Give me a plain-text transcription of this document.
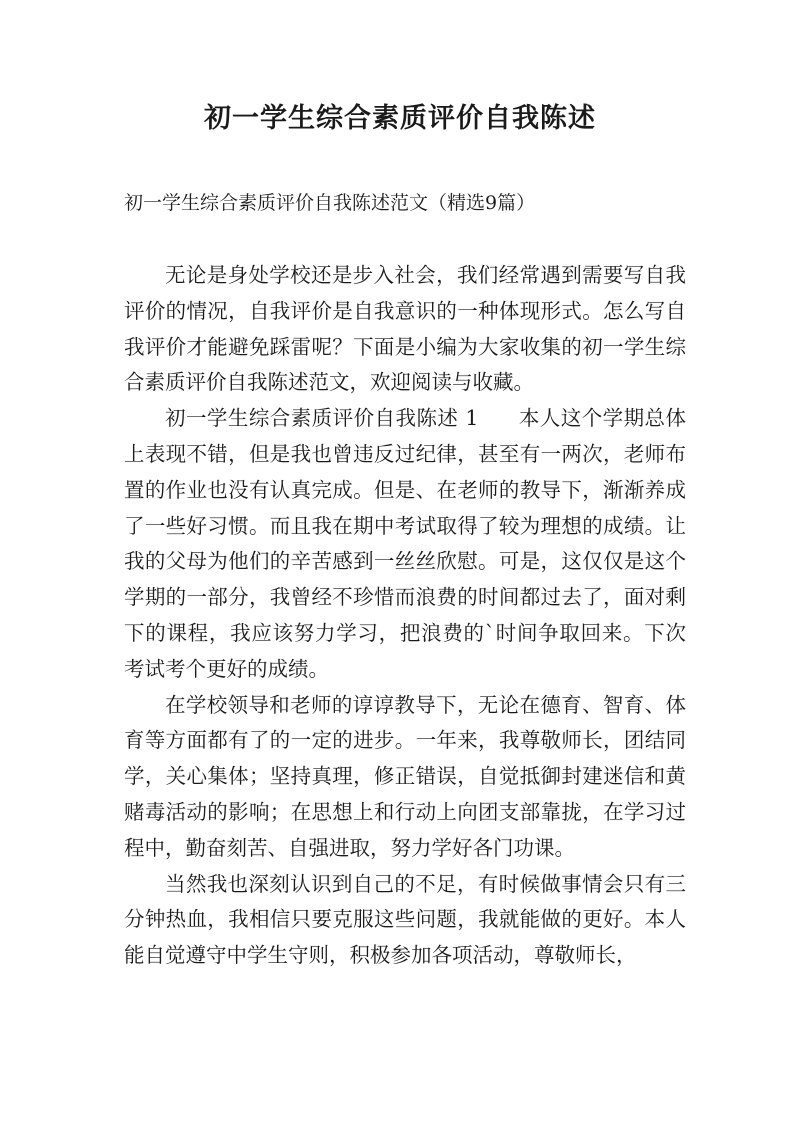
初一学生综合素质评价自我陈述

初一学生综合素质评价自我陈述范文（精选9篇）

无论是身处学校还是步入社会，我们经常遇到需要写自我评价的情况，自我评价是自我意识的一种体现形式。怎么写自我评价才能避免踩雷呢？下面是小编为大家收集的初一学生综合素质评价自我陈述范文，欢迎阅读与收藏。

初一学生综合素质评价自我陈述 1 本人这个学期总体上表现不错，但是我也曾违反过纪律，甚至有一两次，老师布置的作业也没有认真完成。但是、在老师的教导下，渐渐养成了一些好习惯。而且我在期中考试取得了较为理想的成绩。让我的父母为他们的辛苦感到一丝丝欣慰。可是，这仅仅是这个学期的一部分，我曾经不珍惜而浪费的时间都过去了，面对剩下的课程，我应该努力学习，把浪费的`时间争取回来。下次考试考个更好的成绩。

在学校领导和老师的谆谆教导下，无论在德育、智育、体育等方面都有了的一定的进步。一年来，我尊敬师长，团结同学，关心集体；坚持真理，修正错误，自觉抵御封建迷信和黄赌毒活动的影响；在思想上和行动上向团支部靠拢，在学习过程中，勤奋刻苦、自强进取，努力学好各门功课。

当然我也深刻认识到自己的不足，有时候做事情会只有三分钟热血，我相信只要克服这些问题，我就能做的更好。本人能自觉遵守中学生守则，积极参加各项活动，尊敬师长，
